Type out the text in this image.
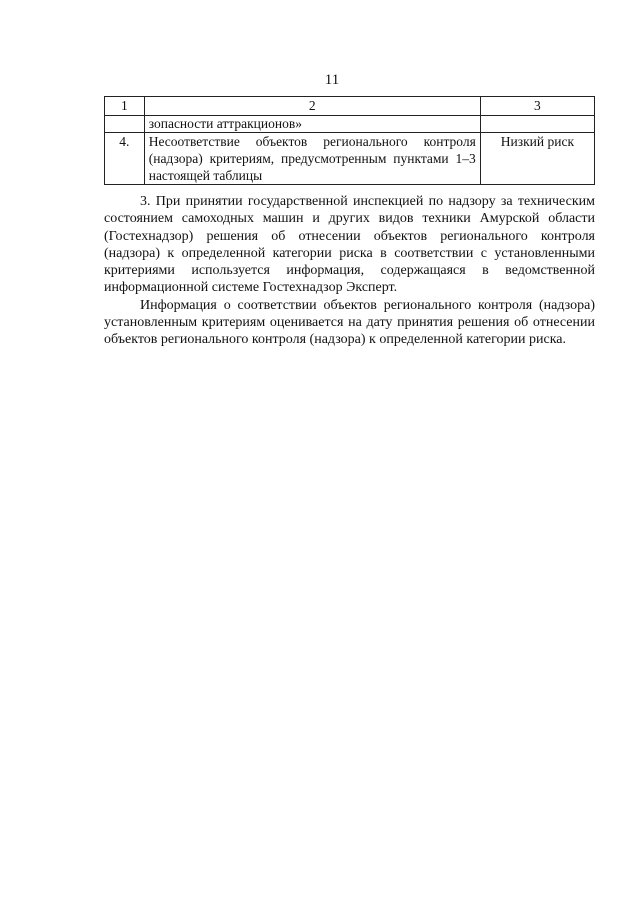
11
1	2	3
	зопасности аттракционов»	
4.	Несоответствие объектов регионального контроля (надзора) критериям, предусмотренным пунктами 1–3 настоящей таблицы	Низкий риск

3. При принятии государственной инспекцией по надзору за техническим состоянием самоходных машин и других видов техники Амурской области (Гостехнадзор) решения об отнесении объектов регионального контроля (надзора) к определенной категории риска в соответствии с установленными критериями используется информация, содержащаяся в ведомственной информационной системе Гостехнадзор Эксперт.

Информация о соответствии объектов регионального контроля (надзора) установленным критериям оценивается на дату принятия решения об отнесении объектов регионального контроля (надзора) к определенной категории риска.
